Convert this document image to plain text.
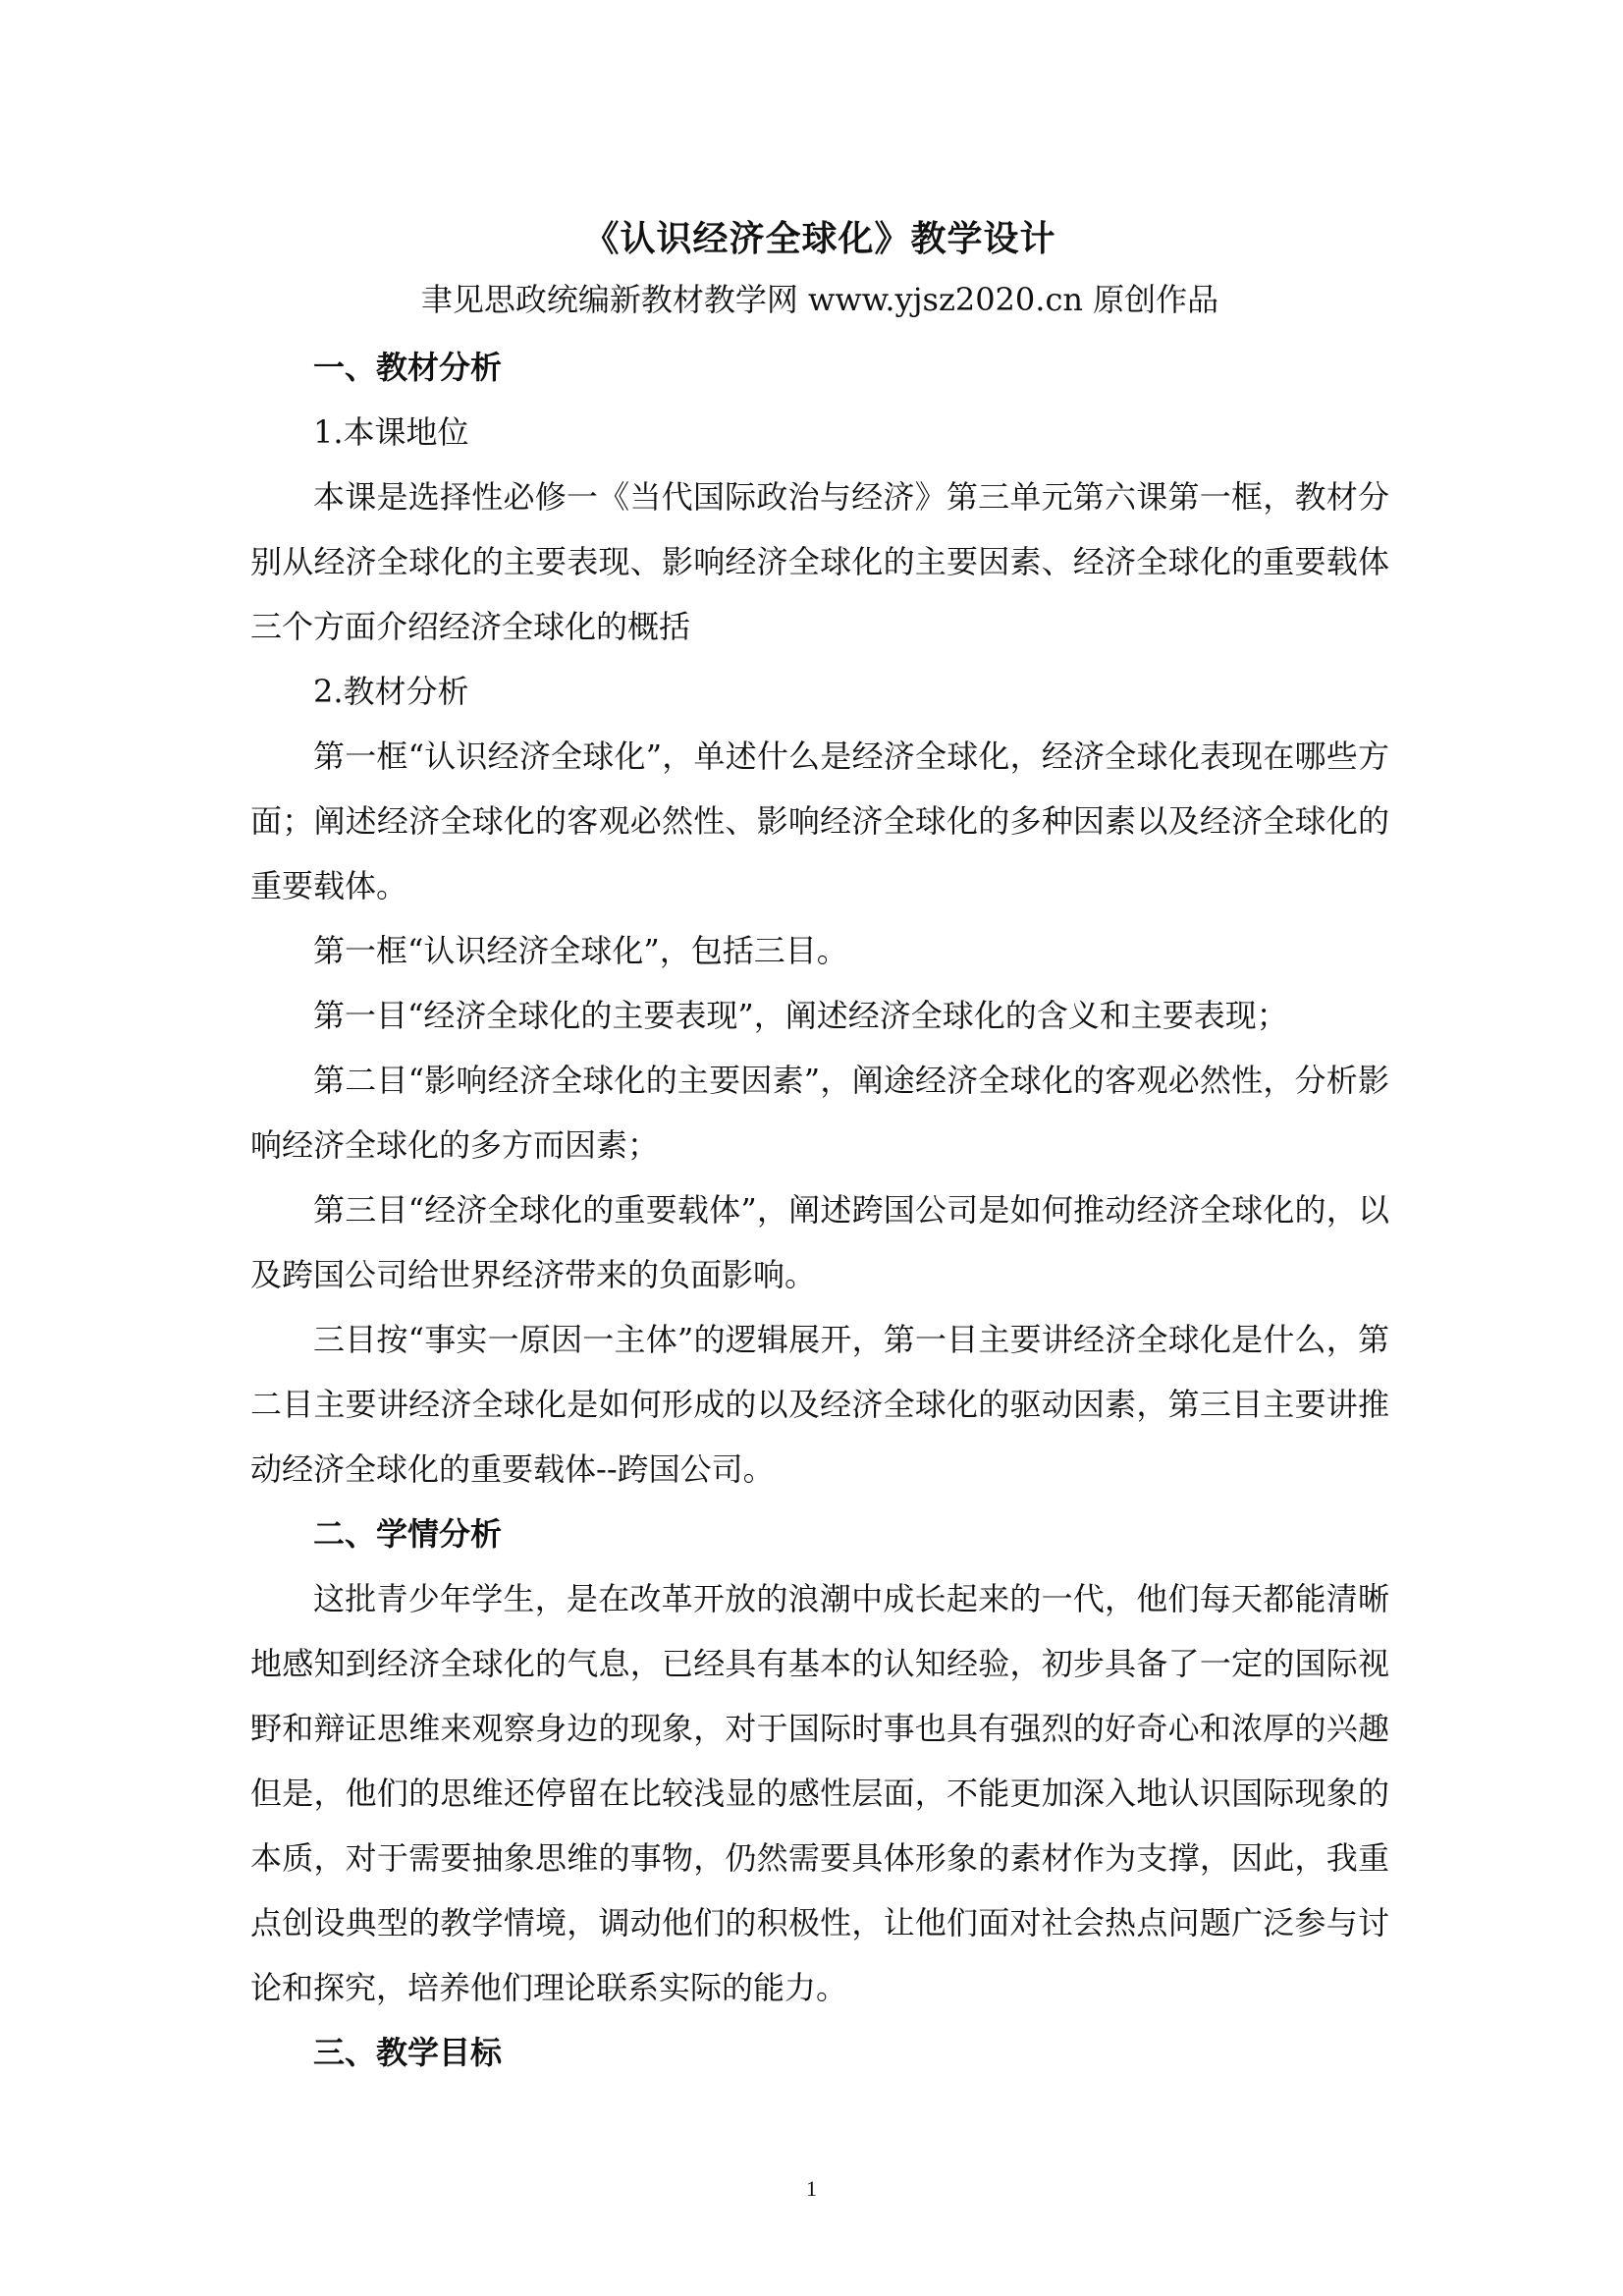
《认识经济全球化》教学设计

聿见思政统编新教材教学网 www.yjsz2020.cn 原创作品

一、教材分析

1.本课地位

本课是选择性必修一《当代国际政治与经济》第三单元第六课第一框，教材分别从经济全球化的主要表现、影响经济全球化的主要因素、经济全球化的重要载体三个方面介绍经济全球化的概括

2.教材分析

第一框“认识经济全球化”，单述什么是经济全球化，经济全球化表现在哪些方面；阐述经济全球化的客观必然性、影响经济全球化的多种因素以及经济全球化的重要载体。

第一框“认识经济全球化”，包括三目。

第一目“经济全球化的主要表现”，阐述经济全球化的含义和主要表现；

第二目“影响经济全球化的主要因素”，阐途经济全球化的客观必然性，分析影响经济全球化的多方而因素；

第三目“经济全球化的重要载体”，阐述跨国公司是如何推动经济全球化的，以及跨国公司给世界经济带来的负面影响。

三目按“事实一原因一主体”的逻辑展开，第一目主要讲经济全球化是什么，第二目主要讲经济全球化是如何形成的以及经济全球化的驱动因素，第三目主要讲推动经济全球化的重要载体--跨国公司。

二、学情分析

这批青少年学生，是在改革开放的浪潮中成长起来的一代，他们每天都能清晰地感知到经济全球化的气息，已经具有基本的认知经验，初步具备了一定的国际视野和辩证思维来观察身边的现象，对于国际时事也具有强烈的好奇心和浓厚的兴趣但是，他们的思维还停留在比较浅显的感性层面，不能更加深入地认识国际现象的本质，对于需要抽象思维的事物，仍然需要具体形象的素材作为支撑，因此，我重点创设典型的教学情境，调动他们的积极性，让他们面对社会热点问题广泛参与讨论和探究，培养他们理论联系实际的能力。

三、教学目标

1
